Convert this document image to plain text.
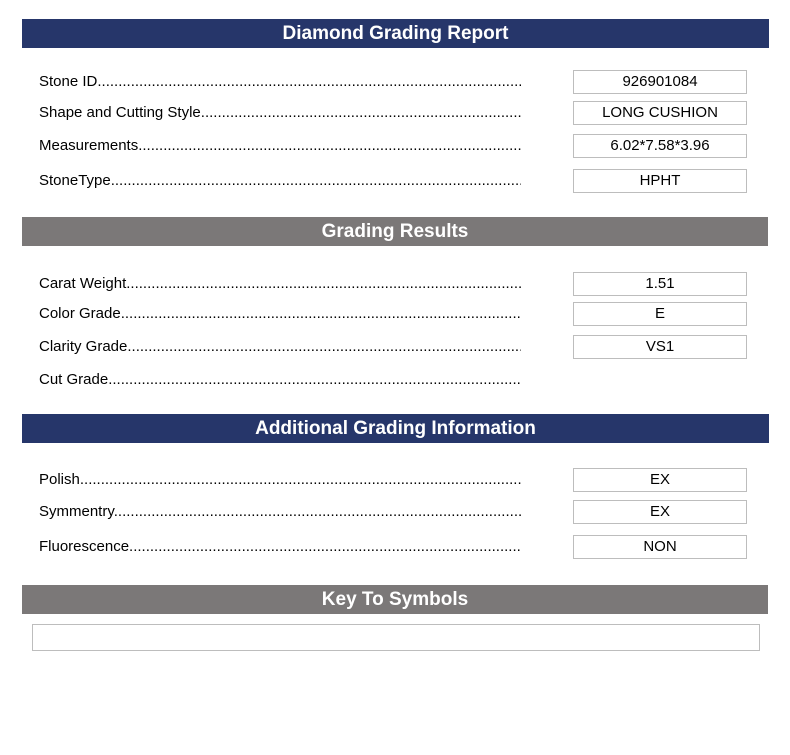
Diamond Grading Report
Stone ID .....	926901084
Shape and Cutting Style .....	LONG CUSHION
Measurements .....	6.02*7.58*3.96
StoneType .....	HPHT
Grading Results
Carat Weight .....	1.51
Color Grade .....	E
Clarity Grade .....	VS1
Cut Grade .....
Additional Grading Information
Polish .....	EX
Symmentry .....	EX
Fluorescence .....	NON
Key To Symbols
